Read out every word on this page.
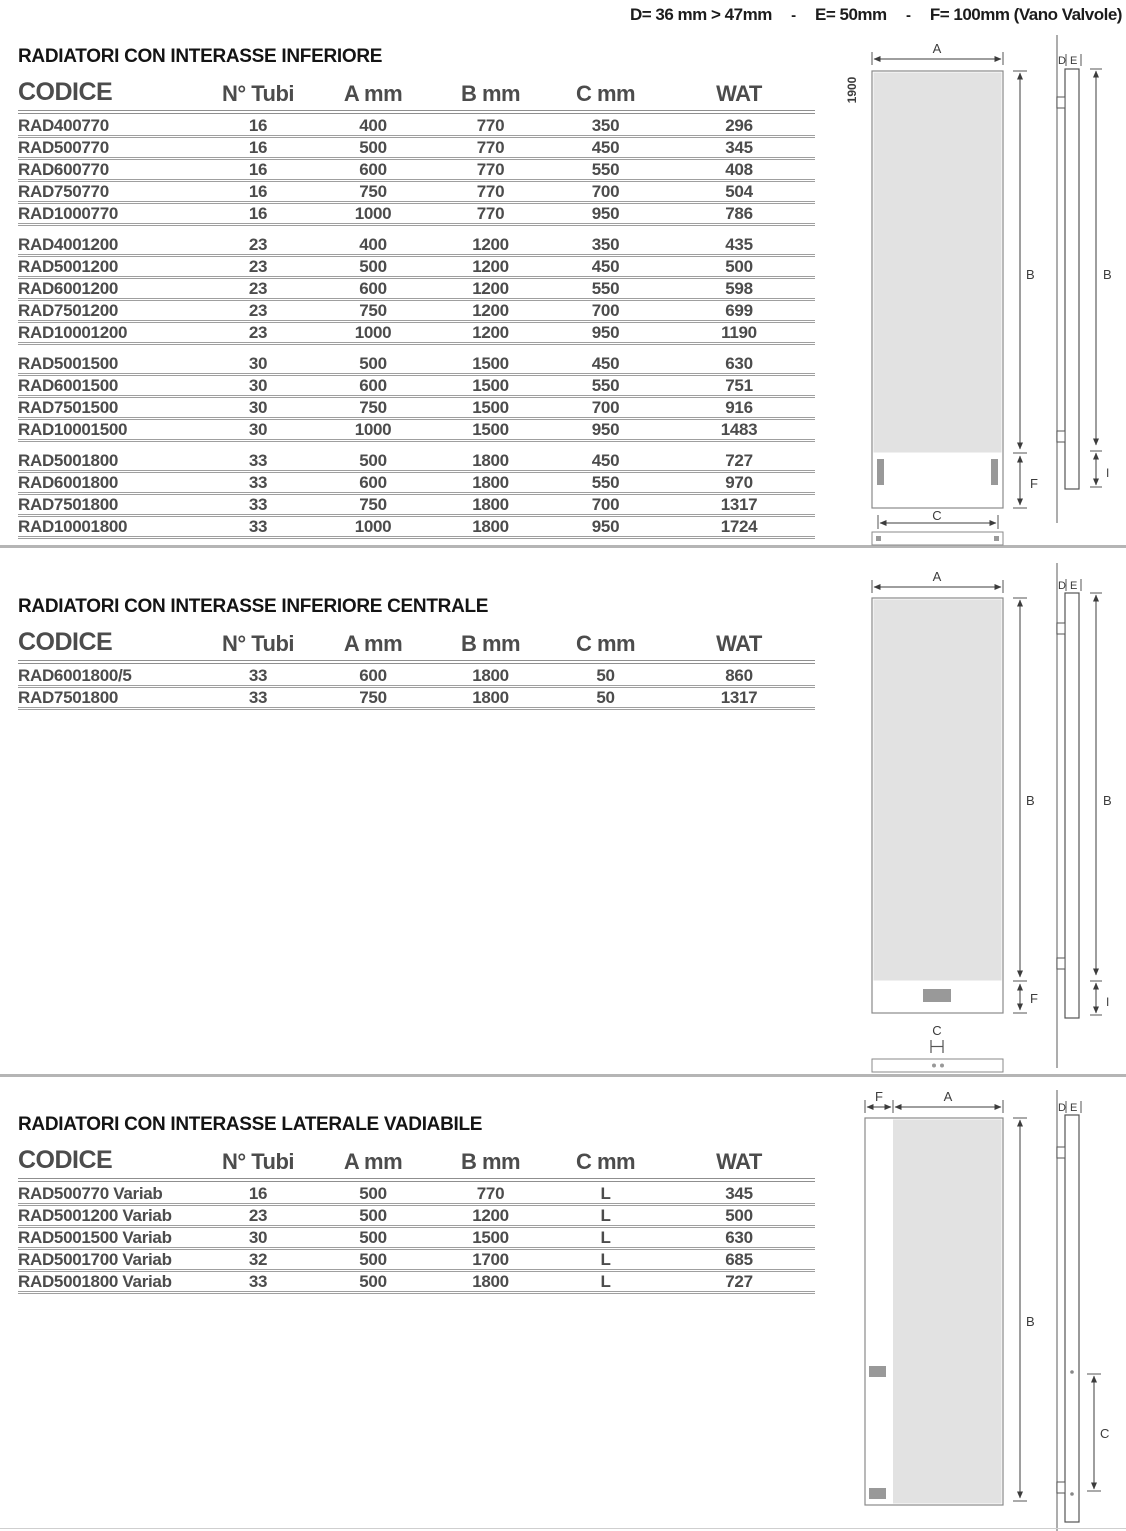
D= 36 mm > 47mm - E= 50mm - F= 100mm (Vano Valvole)
RADIATORI CON INTERASSE INFERIORE
CODICE	N° Tubi	A mm	B mm	C mm	WAT
RAD400770	16	400	770	350	296
RAD500770	16	500	770	450	345
RAD600770	16	600	770	550	408
RAD750770	16	750	770	700	504
RAD1000770	16	1000	770	950	786
RAD4001200	23	400	1200	350	435
RAD5001200	23	500	1200	450	500
RAD6001200	23	600	1200	550	598
RAD7501200	23	750	1200	700	699
RAD10001200	23	1000	1200	950	1190
RAD5001500	30	500	1500	450	630
RAD6001500	30	600	1500	550	751
RAD7501500	30	750	1500	700	916
RAD10001500	30	1000	1500	950	1483
RAD5001800	33	500	1800	450	727
RAD6001800	33	600	1800	550	970
RAD7501800	33	750	1800	700	1317
RAD10001800	33	1000	1800	950	1724
RADIATORI CON INTERASSE INFERIORE CENTRALE
CODICE	N° Tubi	A mm	B mm	C mm	WAT
RAD6001800/5	33	600	1800	50	860
RAD7501800	33	750	1800	50	1317
RADIATORI CON INTERASSE LATERALE VADIABILE
CODICE	N° Tubi	A mm	B mm	C mm	WAT
RAD500770 Variab	16	500	770	L	345
RAD5001200 Variab	23	500	1200	L	500
RAD5001500 Variab	30	500	1500	L	630
RAD5001700 Variab	32	500	1700	L	685
RAD5001800 Variab	33	500	1800	L	727
1900
A
B
F
C
D E
B
I
A
B
F
C
D E
B
I
F	A
B
D E
C
